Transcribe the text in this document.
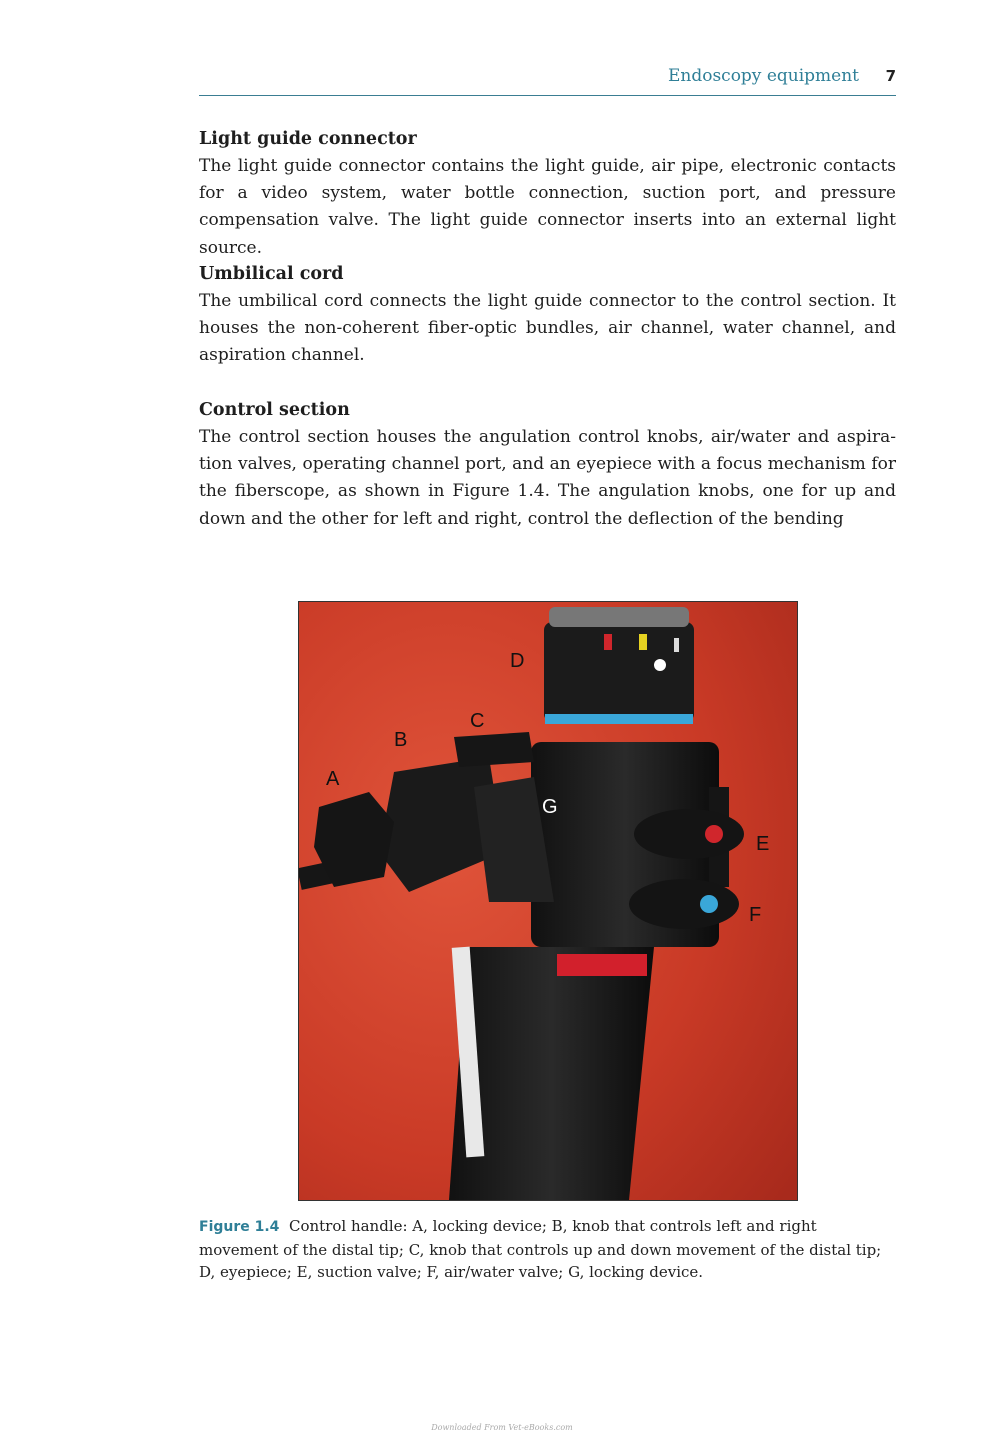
Endoscopy equipment 7
Light guide connector

The light guide connector contains the light guide, air pipe, electronic contacts for a video system, water bottle connection, suction port, and pressure compensation valve. The light guide connector inserts into an external light source.

Umbilical cord

The umbilical cord connects the light guide connector to the control section. It houses the non-coherent fiber-optic bundles, air channel, water channel, and aspiration channel.

Control section

The control section houses the angulation control knobs, air/water and aspira-tion valves, operating channel port, and an eyepiece with a focus mechanism for the fiberscope, as shown in Figure 1.4. The angulation knobs, one for up and down and the other for left and right, control the deflection of the bending

D
C
B
A
G
E
F
Figure 1.4 Control handle: A, locking device; B, knob that controls left and right movement of the distal tip; C, knob that controls up and down movement of the distal tip; D, eyepiece; E, suction valve; F, air/water valve; G, locking device.
Downloaded From Vet-eBooks.com
